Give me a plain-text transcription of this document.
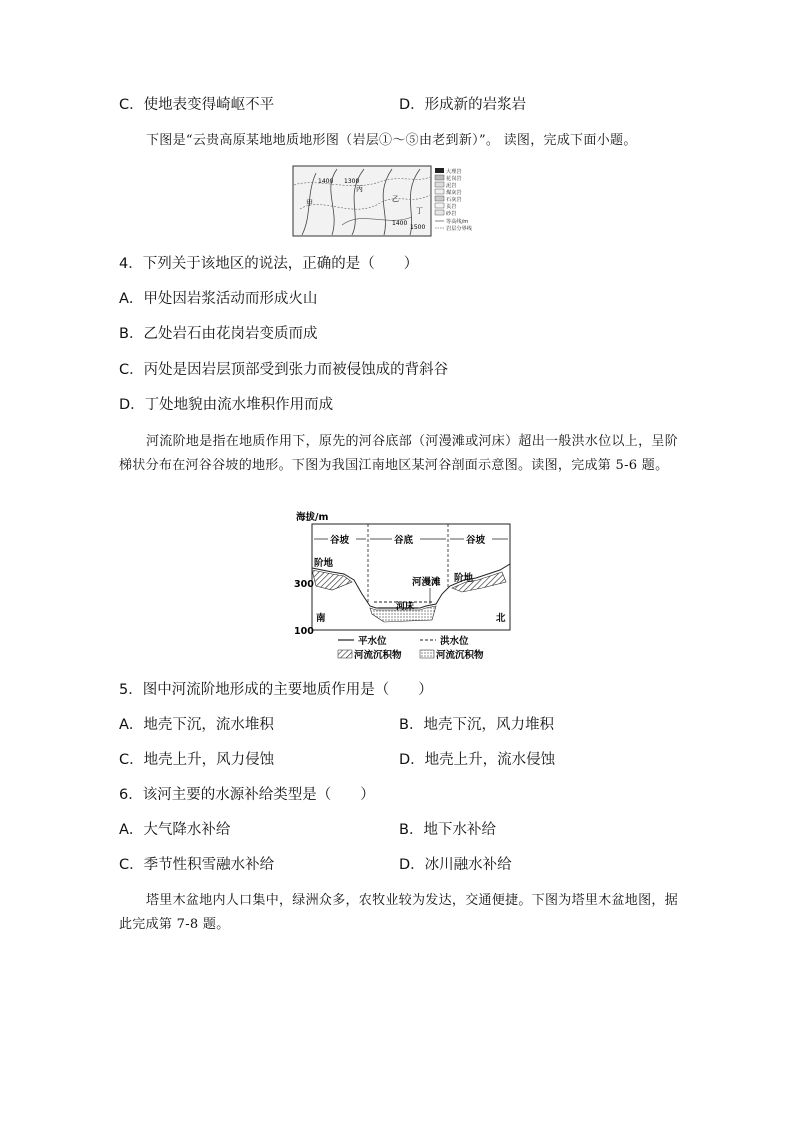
C．使地表变得崎岖不平	D．形成新的岩浆岩
下图是“云贵高原某地地质地形图（岩层①～⑤由老到新）”。 读图，完成下面小题。
1400 1300
丙
甲	乙
丁
1400
1500
大理岩
花岗岩
泥岩
煤灰岩
石灰岩
页岩
砂岩
等高线/m
岩层分界线
4．下列关于该地区的说法，正确的是（　　）
A．甲处因岩浆活动而形成火山
B．乙处岩石由花岗岩变质而成
C．丙处是因岩层顶部受到张力而被侵蚀成的背斜谷
D．丁处地貌由流水堆积作用而成
河流阶地是指在地质作用下，原先的河谷底部（河漫滩或河床）超出一般洪水位以上，呈阶梯状分布在河谷谷坡的地形。下图为我国江南地区某河谷剖面示意图。读图，完成第 5-6 题。
海拔/m
谷坡	谷底	谷坡
阶地
阶地
河漫滩
河床
南	北
300
100
平水位	洪水位
河流沉积物	河流沉积物
5．图中河流阶地形成的主要地质作用是（　　）
A．地壳下沉，流水堆积	B．地壳下沉，风力堆积
C．地壳上升，风力侵蚀	D．地壳上升，流水侵蚀
6．该河主要的水源补给类型是（　　）
A．大气降水补给	B．地下水补给
C．季节性积雪融水补给	D．冰川融水补给
塔里木盆地内人口集中，绿洲众多，农牧业较为发达，交通便捷。下图为塔里木盆地图，据此完成第 7-8 题。
